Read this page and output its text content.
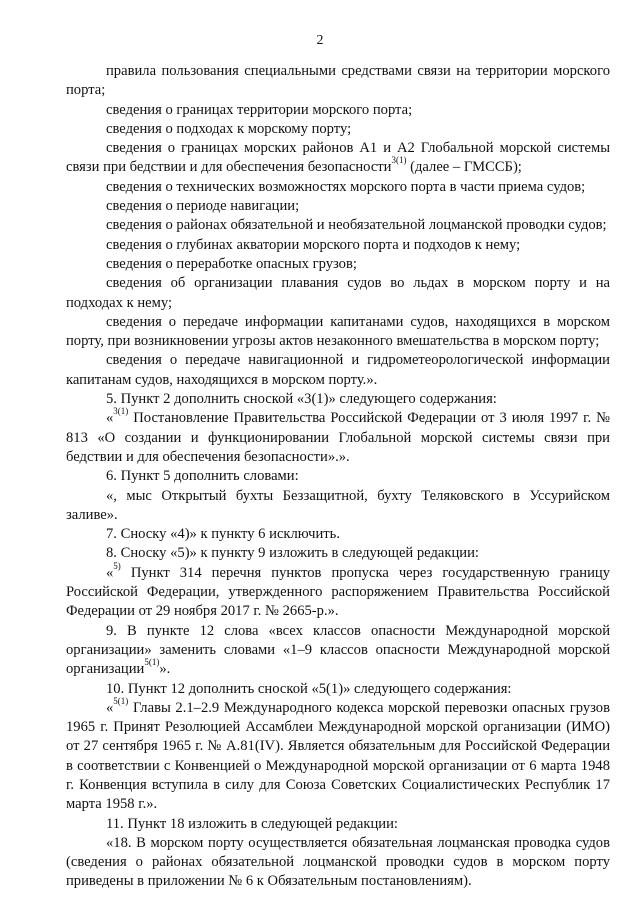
2

правила пользования специальными средствами связи на территории морского порта;

сведения о границах территории морского порта;

сведения о подходах к морскому порту;

сведения о границах морских районов А1 и А2 Глобальной морской системы связи при бедствии и для обеспечения безопасности$^{3(1)}$ (далее – ГМССБ);

сведения о технических возможностях морского порта в части приема судов;

сведения о периоде навигации;

сведения о районах обязательной и необязательной лоцманской проводки судов;

сведения о глубинах акватории морского порта и подходов к нему;

сведения о переработке опасных грузов;

сведения об организации плавания судов во льдах в морском порту и на подходах к нему;

сведения о передаче информации капитанами судов, находящихся в морском порту, при возникновении угрозы актов незаконного вмешательства в морском порту;

сведения о передаче навигационной и гидрометеорологической информации капитанам судов, находящихся в морском порту.».

5. Пункт 2 дополнить сноской «3(1)» следующего содержания:

«$^{3(1)}$ Постановление Правительства Российской Федерации от 3 июля 1997 г. № 813 «О создании и функционировании Глобальной морской системы связи при бедствии и для обеспечения безопасности».».

6. Пункт 5 дополнить словами:

«, мыс Открытый бухты Беззащитной, бухту Теляковского в Уссурийском заливе».

7. Сноску «4)» к пункту 6 исключить.

8. Сноску «5)» к пункту 9 изложить в следующей редакции:

«$^{5)}$ Пункт 314 перечня пунктов пропуска через государственную границу Российской Федерации, утвержденного распоряжением Правительства Российской Федерации от 29 ноября 2017 г. № 2665-р.».

9. В пункте 12 слова «всех классов опасности Международной морской организации» заменить словами «1–9 классов опасности Международной морской организации$^{5(1)}$».

10. Пункт 12 дополнить сноской «5(1)» следующего содержания:

«$^{5(1)}$ Главы 2.1–2.9 Международного кодекса морской перевозки опасных грузов 1965 г. Принят Резолюцией Ассамблеи Международной морской организации (ИМО) от 27 сентября 1965 г. № А.81(IV). Является обязательным для Российской Федерации в соответствии с Конвенцией о Международной морской организации от 6 марта 1948 г. Конвенция вступила в силу для Союза Советских Социалистических Республик 17 марта 1958 г.».

11. Пункт 18 изложить в следующей редакции:

«18. В морском порту осуществляется обязательная лоцманская проводка судов (сведения о районах обязательной лоцманской проводки судов в морском порту приведены в приложении № 6 к Обязательным постановлениям).
